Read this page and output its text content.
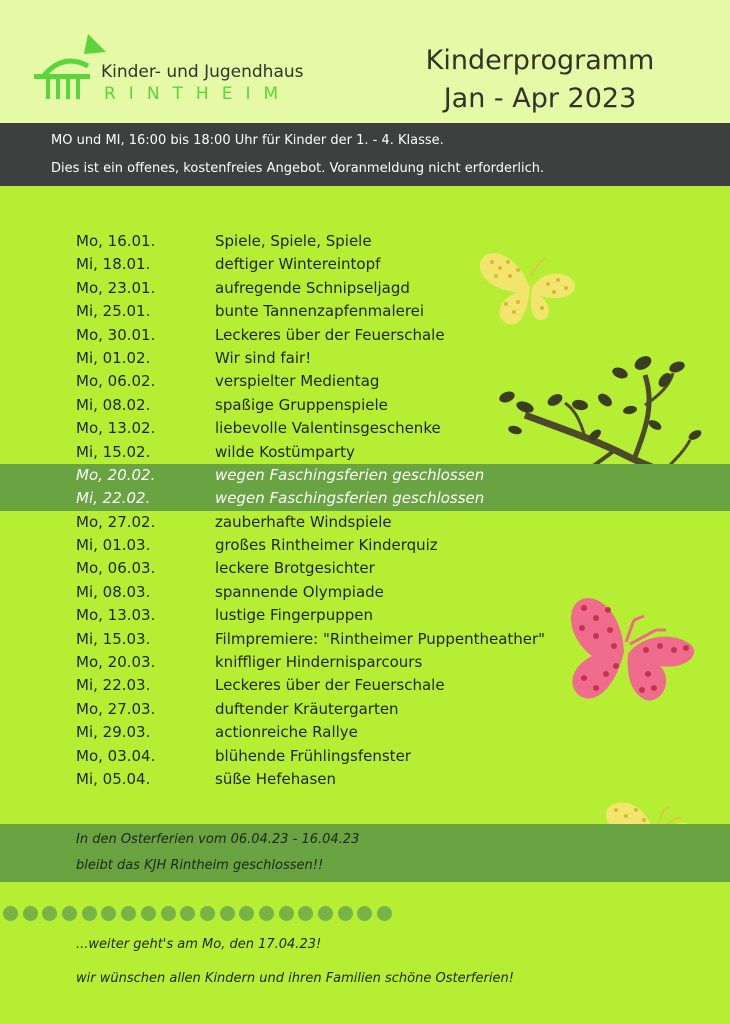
Kinder- und Jugendhaus
RINTHEIM
Kinderprogramm
Jan - Apr 2023
MO und MI, 16:00 bis 18:00 Uhr für Kinder der 1. - 4. Klasse.
Dies ist ein offenes, kostenfreies Angebot. Voranmeldung nicht erforderlich.
Mo, 16.01.	Spiele, Spiele, Spiele
Mi, 18.01.	deftiger Wintereintopf
Mo, 23.01.	aufregende Schnipseljagd
Mi, 25.01.	bunte Tannenzapfenmalerei
Mo, 30.01.	Leckeres über der Feuerschale
Mi, 01.02.	Wir sind fair!
Mo, 06.02.	verspielter Medientag
Mi, 08.02.	spaßige Gruppenspiele
Mo, 13.02.	liebevolle Valentinsgeschenke
Mi, 15.02.	wilde Kostümparty
Mo, 20.02.	wegen Faschingsferien geschlossen
Mi, 22.02.	wegen Faschingsferien geschlossen
Mo, 27.02.	zauberhafte Windspiele
Mi, 01.03.	großes Rintheimer Kinderquiz
Mo, 06.03.	leckere Brotgesichter
Mi, 08.03.	spannende Olympiade
Mo, 13.03.	lustige Fingerpuppen
Mi, 15.03.	Filmpremiere: "Rintheimer Puppentheather"
Mo, 20.03.	kniffliger Hindernisparcours
Mi, 22.03.	Leckeres über der Feuerschale
Mo, 27.03.	duftender Kräutergarten
Mi, 29.03.	actionreiche Rallye
Mo, 03.04.	blühende Frühlingsfenster
Mi, 05.04.	süße Hefehasen
In den Osterferien vom 06.04.23 - 16.04.23
bleibt das KJH Rintheim geschlossen!!
...weiter geht's am Mo, den 17.04.23!
wir wünschen allen Kindern und ihren Familien schöne Osterferien!
